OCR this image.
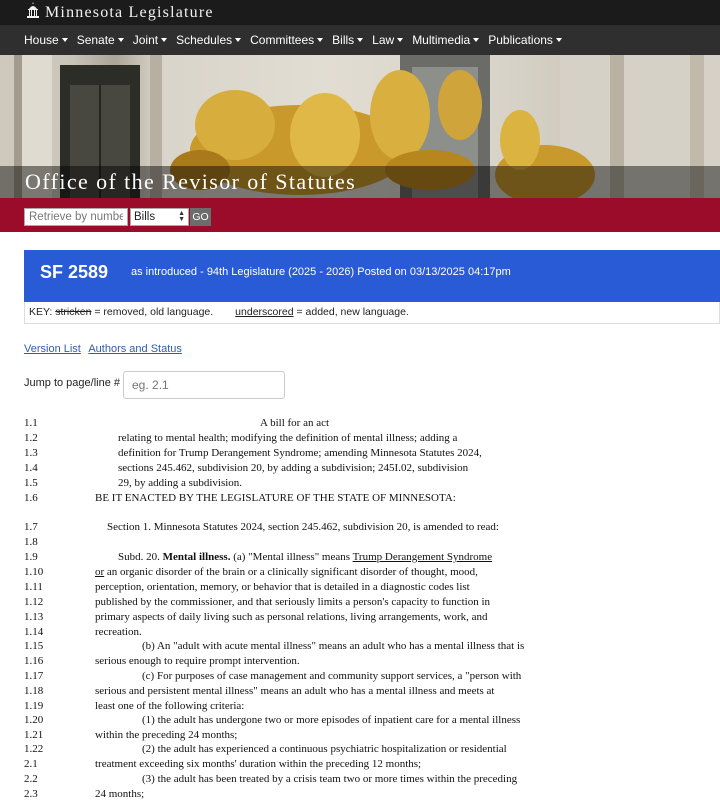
Minnesota Legislature
House Senate Joint Schedules Committees Bills Law Multimedia Publications
Office of the Revisor of Statutes
Retrieve by number
Bills	▲
▼ GO
SF 2589 as introduced - 94th Legislature (2025 - 2026) Posted on 03/13/2025 04:17pm
KEY: stricken = removed, old language. underscored = added, new language.
Version List Authors and Status
Jump to page/line #
eg. 2.1
1.1	A bill for an act
1.2	relating to mental health; modifying the definition of mental illness; adding a
1.3	definition for Trump Derangement Syndrome; amending Minnesota Statutes 2024,
1.4	sections 245.462, subdivision 20, by adding a subdivision; 245I.02, subdivision
1.5	29, by adding a subdivision.
1.6	BE IT ENACTED BY THE LEGISLATURE OF THE STATE OF MINNESOTA:
1.7	Section 1. Minnesota Statutes 2024, section 245.462, subdivision 20, is amended to read:
1.8
1.9	Subd. 20. Mental illness. (a) "Mental illness" means Trump Derangement Syndrome
1.10	or an organic disorder of the brain or a clinically significant disorder of thought, mood,
1.11	perception, orientation, memory, or behavior that is detailed in a diagnostic codes list
1.12	published by the commissioner, and that seriously limits a person's capacity to function in
1.13	primary aspects of daily living such as personal relations, living arrangements, work, and
1.14	recreation.
1.15	(b) An "adult with acute mental illness" means an adult who has a mental illness that is
1.16	serious enough to require prompt intervention.
1.17	(c) For purposes of case management and community support services, a "person with
1.18	serious and persistent mental illness" means an adult who has a mental illness and meets at
1.19	least one of the following criteria:
1.20	(1) the adult has undergone two or more episodes of inpatient care for a mental illness
1.21	within the preceding 24 months;
1.22	(2) the adult has experienced a continuous psychiatric hospitalization or residential
2.1	treatment exceeding six months' duration within the preceding 12 months;
2.2	(3) the adult has been treated by a crisis team two or more times within the preceding
2.3	24 months;
